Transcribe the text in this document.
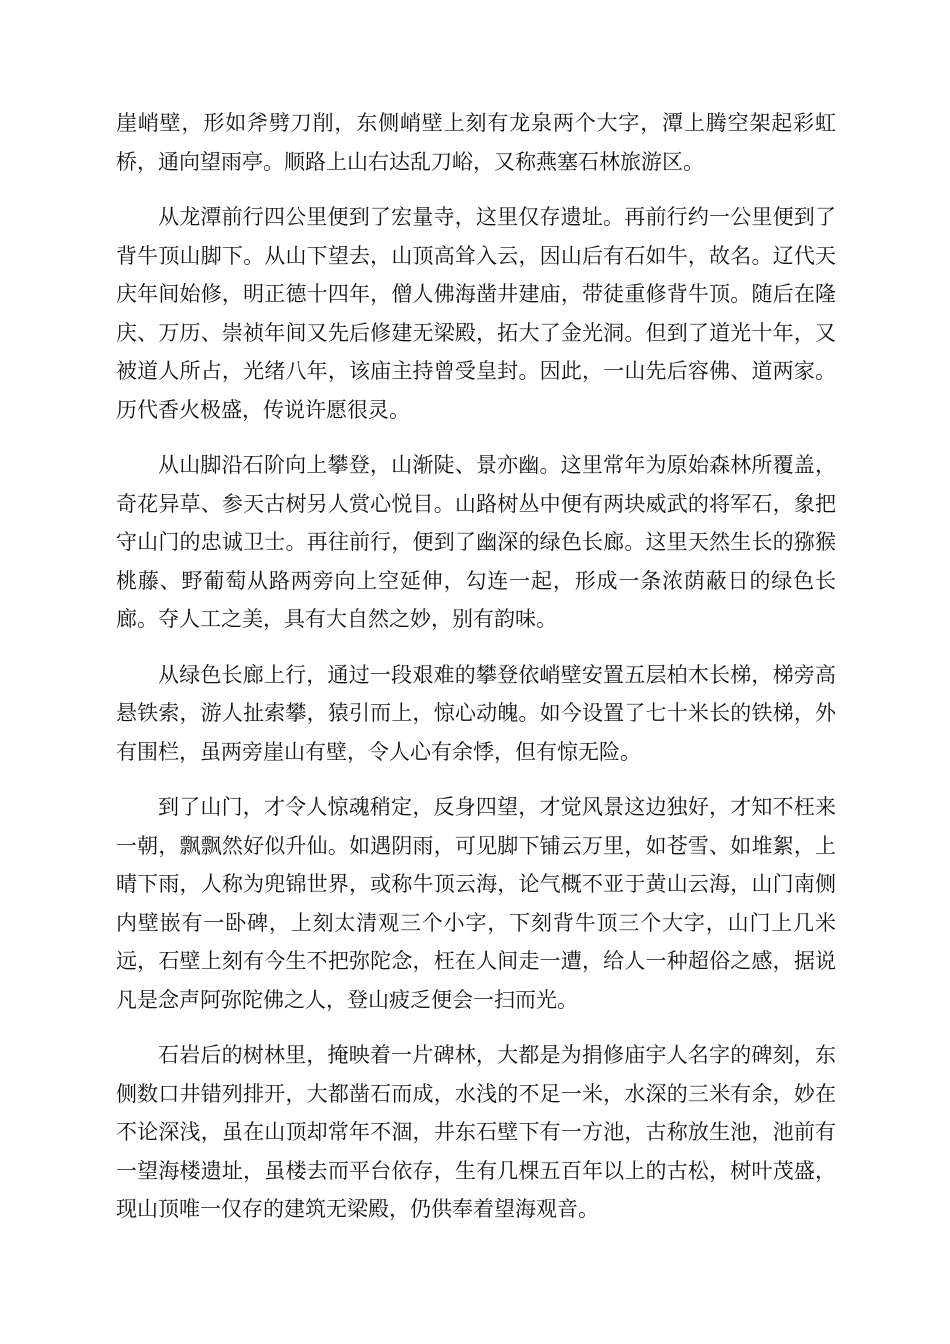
崖峭壁，形如斧劈刀削，东侧峭壁上刻有龙泉两个大字，潭上腾空架起彩虹桥，通向望雨亭。顺路上山右达乱刀峪，又称燕塞石林旅游区。

从龙潭前行四公里便到了宏量寺，这里仅存遗址。再前行约一公里便到了背牛顶山脚下。从山下望去，山顶高耸入云，因山后有石如牛，故名。辽代天庆年间始修，明正德十四年，僧人佛海凿井建庙，带徒重修背牛顶。随后在隆庆、万历、崇祯年间又先后修建无梁殿，拓大了金光洞。但到了道光十年，又被道人所占，光绪八年，该庙主持曾受皇封。因此，一山先后容佛、道两家。历代香火极盛，传说许愿很灵。

从山脚沿石阶向上攀登，山渐陡、景亦幽。这里常年为原始森林所覆盖，奇花异草、参天古树另人赏心悦目。山路树丛中便有两块威武的将军石，象把守山门的忠诚卫士。再往前行，便到了幽深的绿色长廊。这里天然生长的猕猴桃藤、野葡萄从路两旁向上空延伸，勾连一起，形成一条浓荫蔽日的绿色长廊。夺人工之美，具有大自然之妙，别有韵味。

从绿色长廊上行，通过一段艰难的攀登依峭壁安置五层柏木长梯，梯旁高悬铁索，游人扯索攀，猿引而上，惊心动魄。如今设置了七十米长的铁梯，外有围栏，虽两旁崖山有壁，令人心有余悸，但有惊无险。

到了山门，才令人惊魂稍定，反身四望，才觉风景这边独好，才知不枉来一朝，飘飘然好似升仙。如遇阴雨，可见脚下铺云万里，如苍雪、如堆絮，上晴下雨，人称为兜锦世界，或称牛顶云海，论气概不亚于黄山云海，山门南侧内壁嵌有一卧碑，上刻太清观三个小字，下刻背牛顶三个大字，山门上几米远，石壁上刻有今生不把弥陀念，枉在人间走一遭，给人一种超俗之感，据说凡是念声阿弥陀佛之人，登山疲乏便会一扫而光。

石岩后的树林里，掩映着一片碑林，大都是为捐修庙宇人名字的碑刻，东侧数口井错列排开，大都凿石而成，水浅的不足一米，水深的三米有余，妙在不论深浅，虽在山顶却常年不涸，井东石壁下有一方池，古称放生池，池前有一望海楼遗址，虽楼去而平台依存，生有几棵五百年以上的古松，树叶茂盛，现山顶唯一仅存的建筑无梁殿，仍供奉着望海观音。
